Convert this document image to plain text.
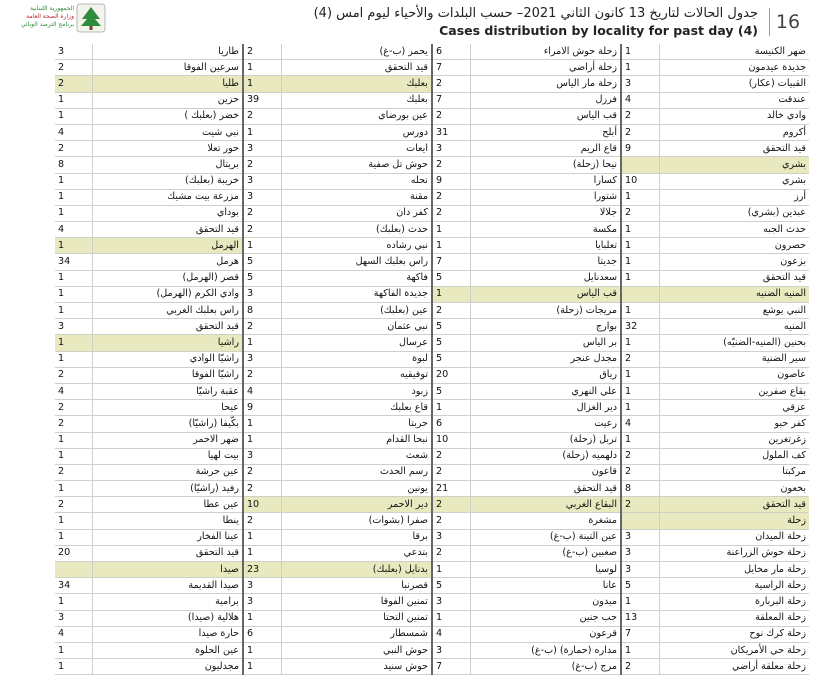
الجمهورية اللبنانية
وزارة الصحة العامة
برنامج الترصد الوبائي
جدول الحالات لتاريخ 13 كانون الثاني 2021– حسب البلدات والأحياء ليوم امس (4)
Cases distribution by locality for past day (4) 16
3	طاريا	2	يحمر (ب-غ)	6	زحلة حوش الامراء	1	ضهر الكنيسة
2	سرعين الفوقا	1	قيد التحقق	7	زحلة أراضي	1	جديدة عيدمون
2	طليا	1	بعلبك	2	زحلة مار الياس	3	القبيات (عكار)
1	حزين	39	بعلبك	7	فرزل	4	عندقت
1	خضر (بعلبك )	2	عين بورضاي	2	قب الياس	2	وادي خالد
4	نبي شيت	1	دورس	31	أبلح	2	أكروم
2	حور تعلا	3	ايعات	3	قاع الريم	9	قيد التحقق
8	بريتال	2	حوش تل صفية	2	نيحا (زحلة)		بشري
1	خريبة (بعلبك)	3	نحله	9	كسارا	10	بشري
1	مزرعة بيت مشيك	3	مقنة	2	شتورا	1	أرز
1	بوداي	2	كفر دان	2	جلالا	2	عبدين (بشري)
4	قيد التحقق	2	حدث (بعلبك)	1	مكسة	1	حدث الجبه
1	الهرمل	1	نبي رشاده	1	تعلبايا	1	حصرون
34	هرمل	5	راس بعلبك السهل	7	جديتا	1	بزعون
1	قصر (الهرمل)	5	فاكهة	5	سعدنايل	1	قيد التحقق
1	وادي الكرم (الهرمل)	3	جديدة الفاكهة	1	قب الياس		المنيه الضنيه
1	راس بعلبك الغربي	8	عين (بعلبك)	2	مريجات (زحلة)	1	النبي يوشع
3	قيد التحقق	2	نبي عثمان	5	بوارج	32	المنيه
1	راشيا	1	عرسال	5	بر الياس	1	بحنين (المنيه-الضنيّه)
1	راشيّا الوادي	3	لبوة	5	مجدل عنجر	2	سير الضنية
2	راشيّا الفوقا	2	توفيقيه	20	رياق	1	عاصون
4	عقبة راشيّا	4	زبود	5	علي النهري	1	بقاع صفرين
2	عيحا	9	قاع بعلبك	1	دير الغزال	1	عزقي
2	بكّيفا (راشيّا)	1	حربتا	6	رعيت	4	كفر حبو
1	ضهر الاحمر	1	نبحا القدام	10	تربل (زحلة)	1	زغرتغرين
1	بيت لهيا	3	شعث	2	دلهميه (زحلة)	2	كف الملول
2	عين حرشة	2	رسم الحدث	2	قاعون	2	مركبتا
1	رفيد (راشيّا)	2	يونين	21	قيد التحقق	8	بخعون
2	عين عطا	10	دير الاحمر	2	البقاع الغربي	2	قيد التحقق
1	ينطا	2	صفرا (بشوات)	2	مشغرة		زحلة
1	عينا الفخار	1	برقا	3	عين التينة (ب-غ)	3	زحلة الميدان
20	قيد التحقق	1	بتدعي	2	صغبين (ب-غ)	3	زحلة حوش الزراعنة
	صيدا	23	بدنايل (بعلبك)	1	لوسيا	3	زحلة مار مخايل
34	صيدا القديمة	3	قصرنبا	5	عانا	5	زحلة الراسية
1	برامية	3	تمنين الفوقا	3	ميدون	1	زحلة البربارة
3	هلالية (صيدا)	1	تمنين التحتا	1	جب جنين	13	زحلة المعلقة
4	حارة صيدا	6	شمسطار	4	قرعون	7	زحلة كرك نوح
1	عين الحلوة	1	حوش النبي	3	مداره (حمارة) (ب-غ)	1	زحلة حي الأمريكان
1	مجدليون	1	حوش سنيد	7	مرج (ب-غ)	2	زحلة معلقة أراضي
